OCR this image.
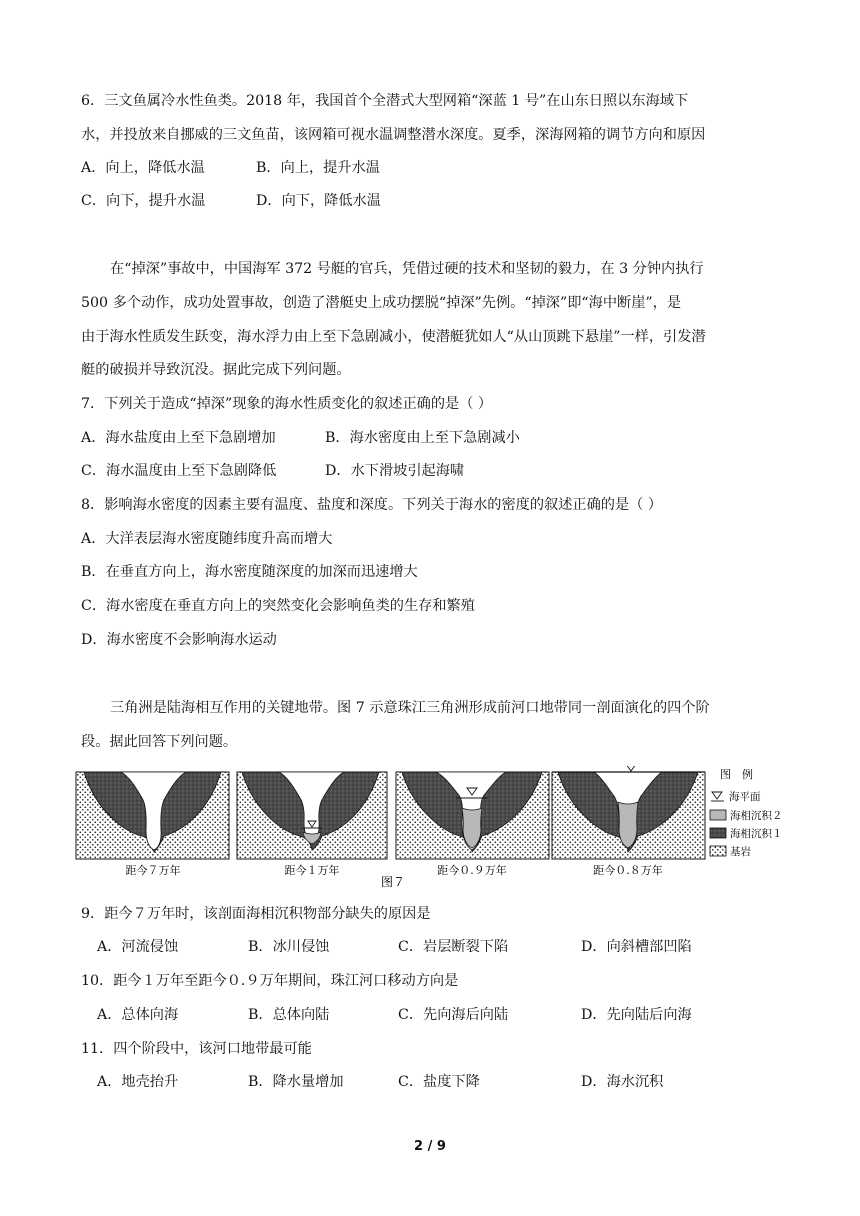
6．三文鱼属冷水性鱼类。2018 年，我国首个全潜式大型网箱“深蓝 1 号”在山东日照以东海域下
水，并投放来自挪威的三文鱼苗，该网箱可视水温调整潜水深度。夏季，深海网箱的调节方向和原因
A．向上，降低水温	B．向上，提升水温
C．向下，提升水温	D．向下，降低水温
在“掉深”事故中，中国海军 372 号艇的官兵，凭借过硬的技术和坚韧的毅力，在 3 分钟内执行
500 多个动作，成功处置事故，创造了潜艇史上成功摆脱“掉深”先例。“掉深”即“海中断崖”，是
由于海水性质发生跃变，海水浮力由上至下急剧减小，使潜艇犹如人“从山顶跳下悬崖”一样，引发潜
艇的破损并导致沉没。据此完成下列问题。
7．下列关于造成“掉深”现象的海水性质变化的叙述正确的是（ ）
A．海水盐度由上至下急剧增加	B．海水密度由上至下急剧减小
C．海水温度由上至下急剧降低	D．水下滑坡引起海啸
8．影响海水密度的因素主要有温度、盐度和深度。下列关于海水的密度的叙述正确的是（ ）
A．大洋表层海水密度随纬度升高而增大
B．在垂直方向上，海水密度随深度的加深而迅速增大
C．海水密度在垂直方向上的突然变化会影响鱼类的生存和繁殖
D．海水密度不会影响海水运动
三角洲是陆海相互作用的关键地带。图 7 示意珠江三角洲形成前河口地带同一剖面演化的四个阶
段。据此回答下列问题。
距今７万年	距今１万年	距今０.９万年	距今０.８万年
图７
图　例
海平面
海相沉积２
海相沉积１
基岩
9．距今７万年时，该剖面海相沉积物部分缺失的原因是
A．河流侵蚀	B．冰川侵蚀	C．岩层断裂下陷	D．向斜槽部凹陷
10．距今１万年至距今０.９万年期间，珠江河口移动方向是
A．总体向海	B．总体向陆	C．先向海后向陆	D．先向陆后向海
11．四个阶段中，该河口地带最可能
A．地壳抬升	B．降水量增加	C．盐度下降	D．海水沉积
2 / 9
